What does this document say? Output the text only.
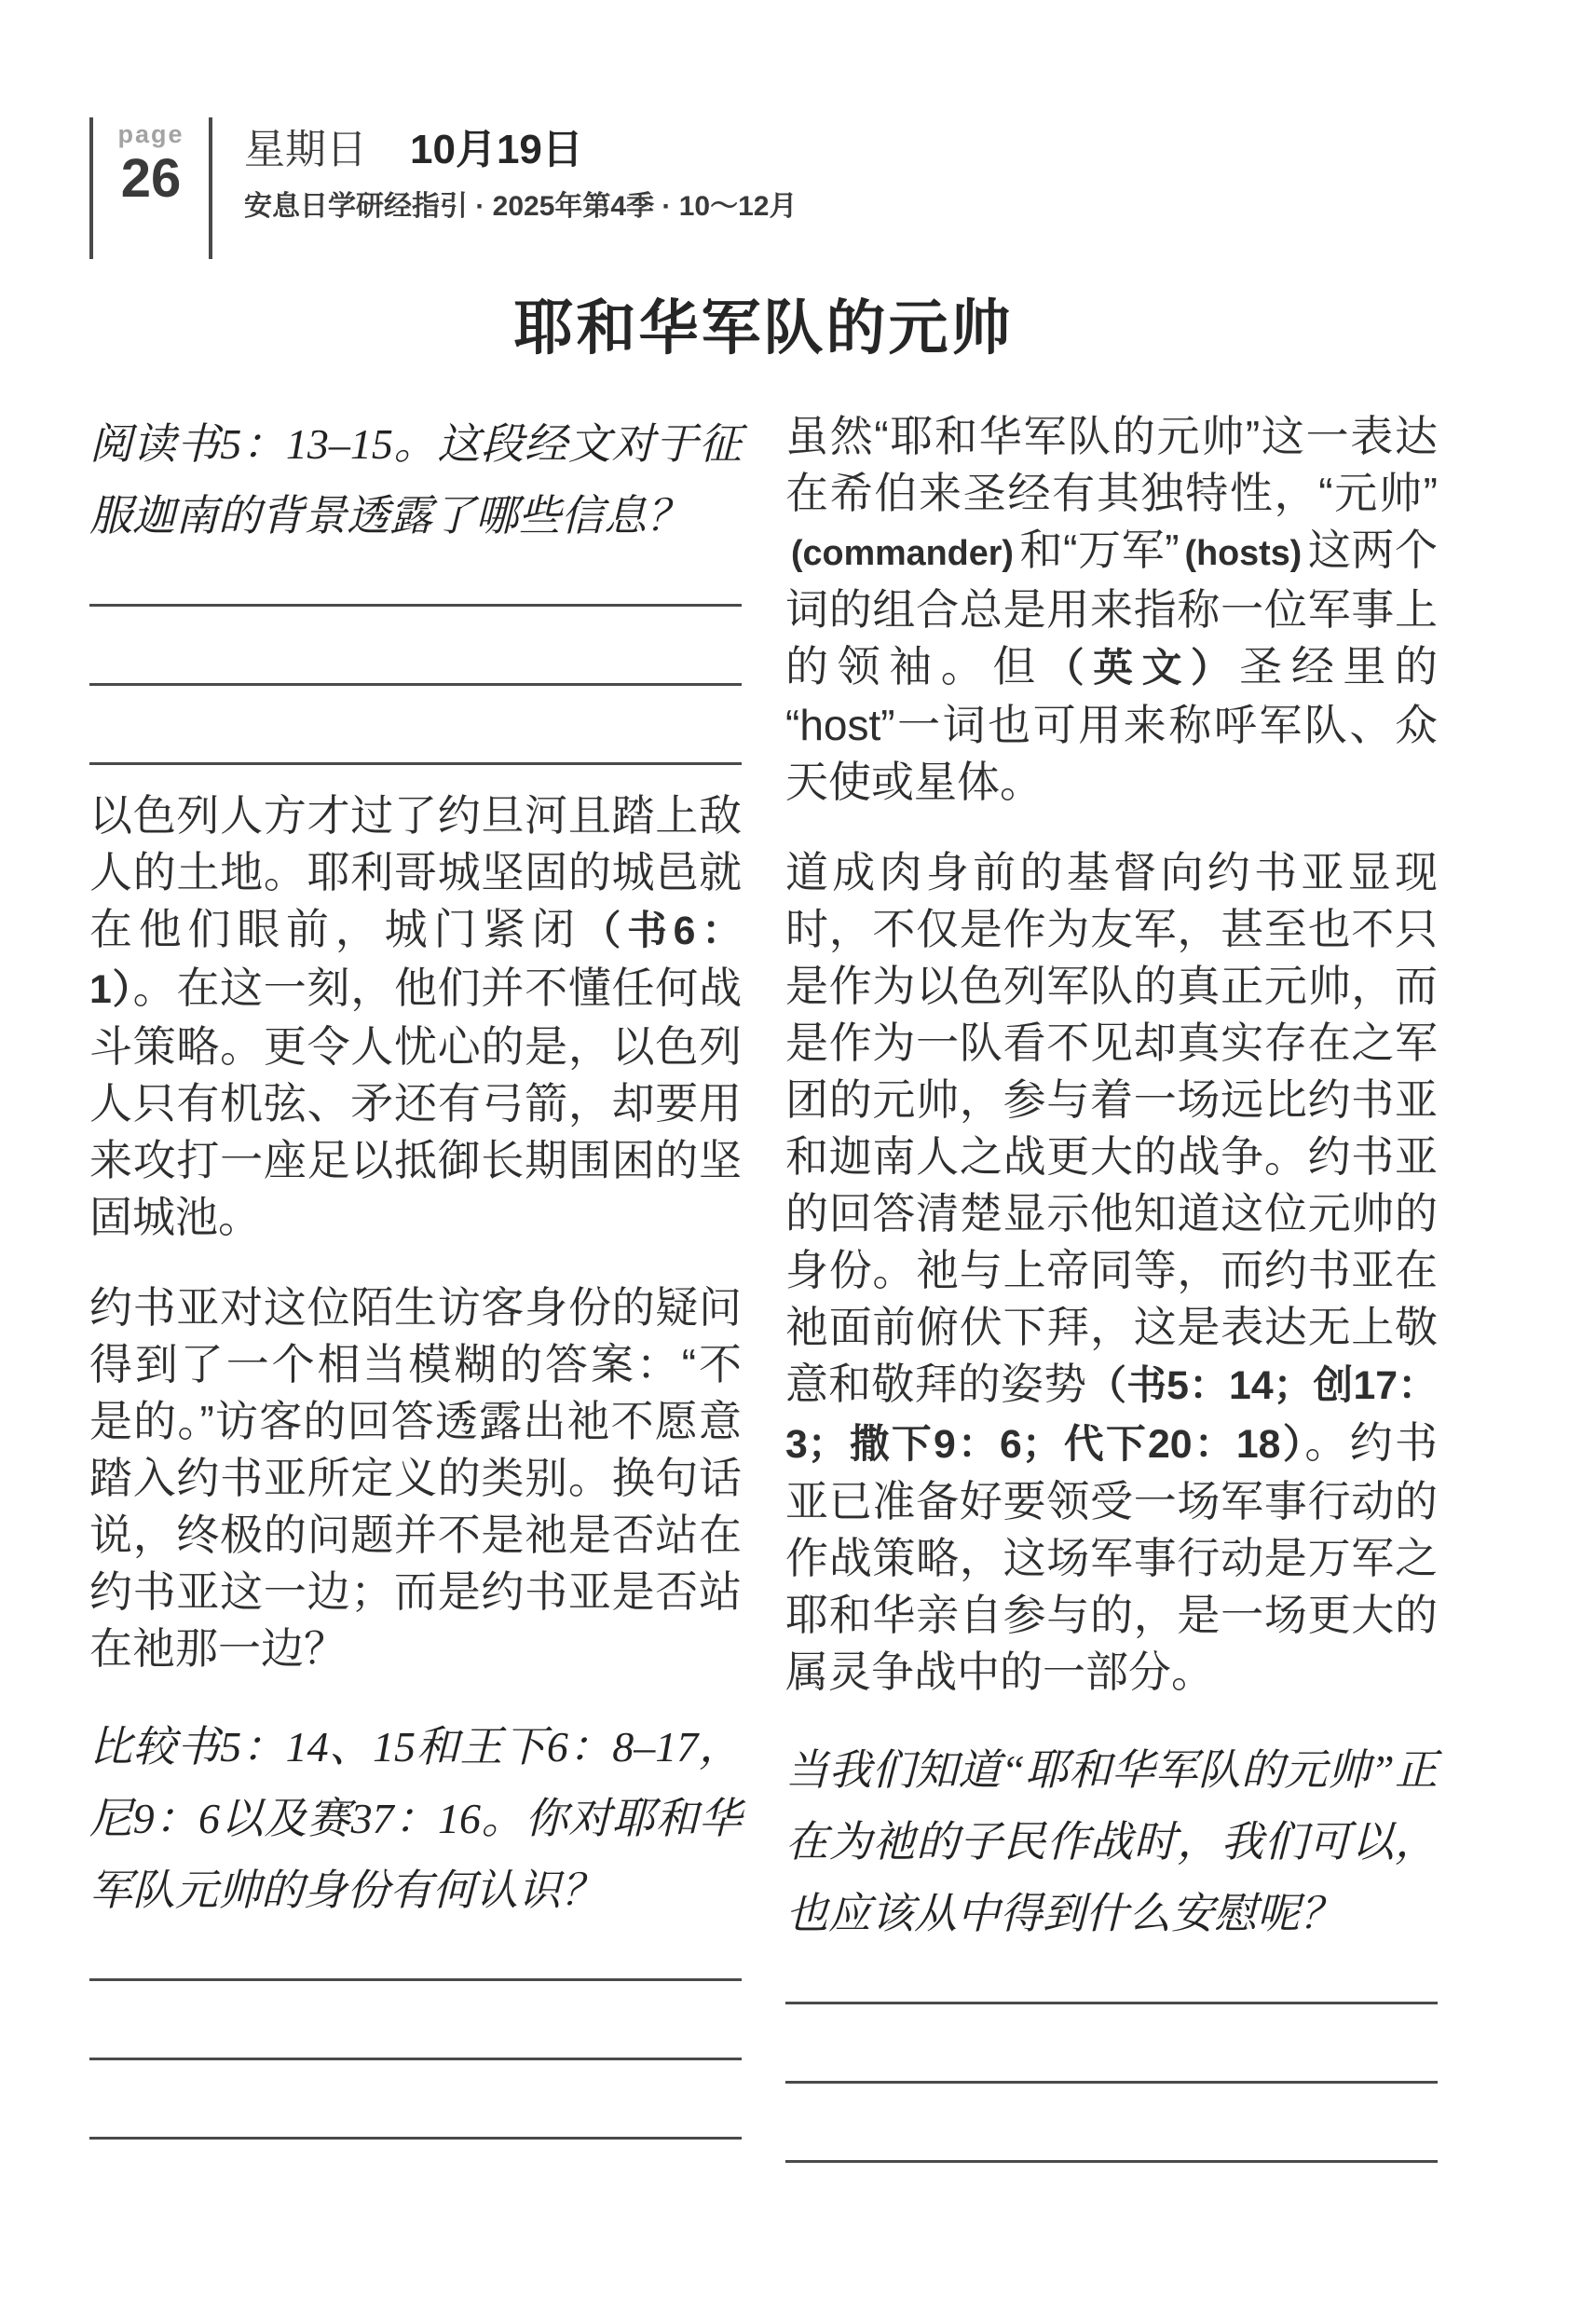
page
26 星期日 10月19日
安息日学研经指引 · 2025年第4季 · 10～12月
耶和华军队的元帅

阅读书5：13–15。这段经文对于征服迦南的背景透露了哪些信息？

以色列人方才过了约旦河且踏上敌人的土地。耶利哥城坚固的城邑就在他们眼前，城门紧闭（书6：1）。在这一刻，他们并不懂任何战斗策略。更令人忧心的是，以色列人只有机弦、矛还有弓箭，却要用来攻打一座足以抵御长期围困的坚固城池。

约书亚对这位陌生访客身份的疑问得到了一个相当模糊的答案：“不是的。”访客的回答透露出祂不愿意踏入约书亚所定义的类别。换句话说，终极的问题并不是祂是否站在约书亚这一边；而是约书亚是否站在祂那一边？

比较书5：14、15和王下6：8–17，尼9：6以及赛37：16。你对耶和华军队元帅的身份有何认识？

虽然“耶和华军队的元帅”这一表达在希伯来圣经有其独特性，“元帅”(commander) 和“万军” (hosts) 这两个词的组合总是用来指称一位军事上的领袖。但（英文）圣经里的“host”一词也可用来称呼军队、众天使或星体。

道成肉身前的基督向约书亚显现时，不仅是作为友军，甚至也不只是作为以色列军队的真正元帅，而是作为一队看不见却真实存在之军团的元帅，参与着一场远比约书亚和迦南人之战更大的战争。约书亚的回答清楚显示他知道这位元帅的身份。祂与上帝同等，而约书亚在祂面前俯伏下拜，这是表达无上敬意和敬拜的姿势（书5：14；创17：3；撒下9：6；代下20：18）。约书亚已准备好要领受一场军事行动的作战策略，这场军事行动是万军之耶和华亲自参与的，是一场更大的属灵争战中的一部分。

当我们知道“耶和华军队的元帅”正在为祂的子民作战时，我们可以，也应该从中得到什么安慰呢？
